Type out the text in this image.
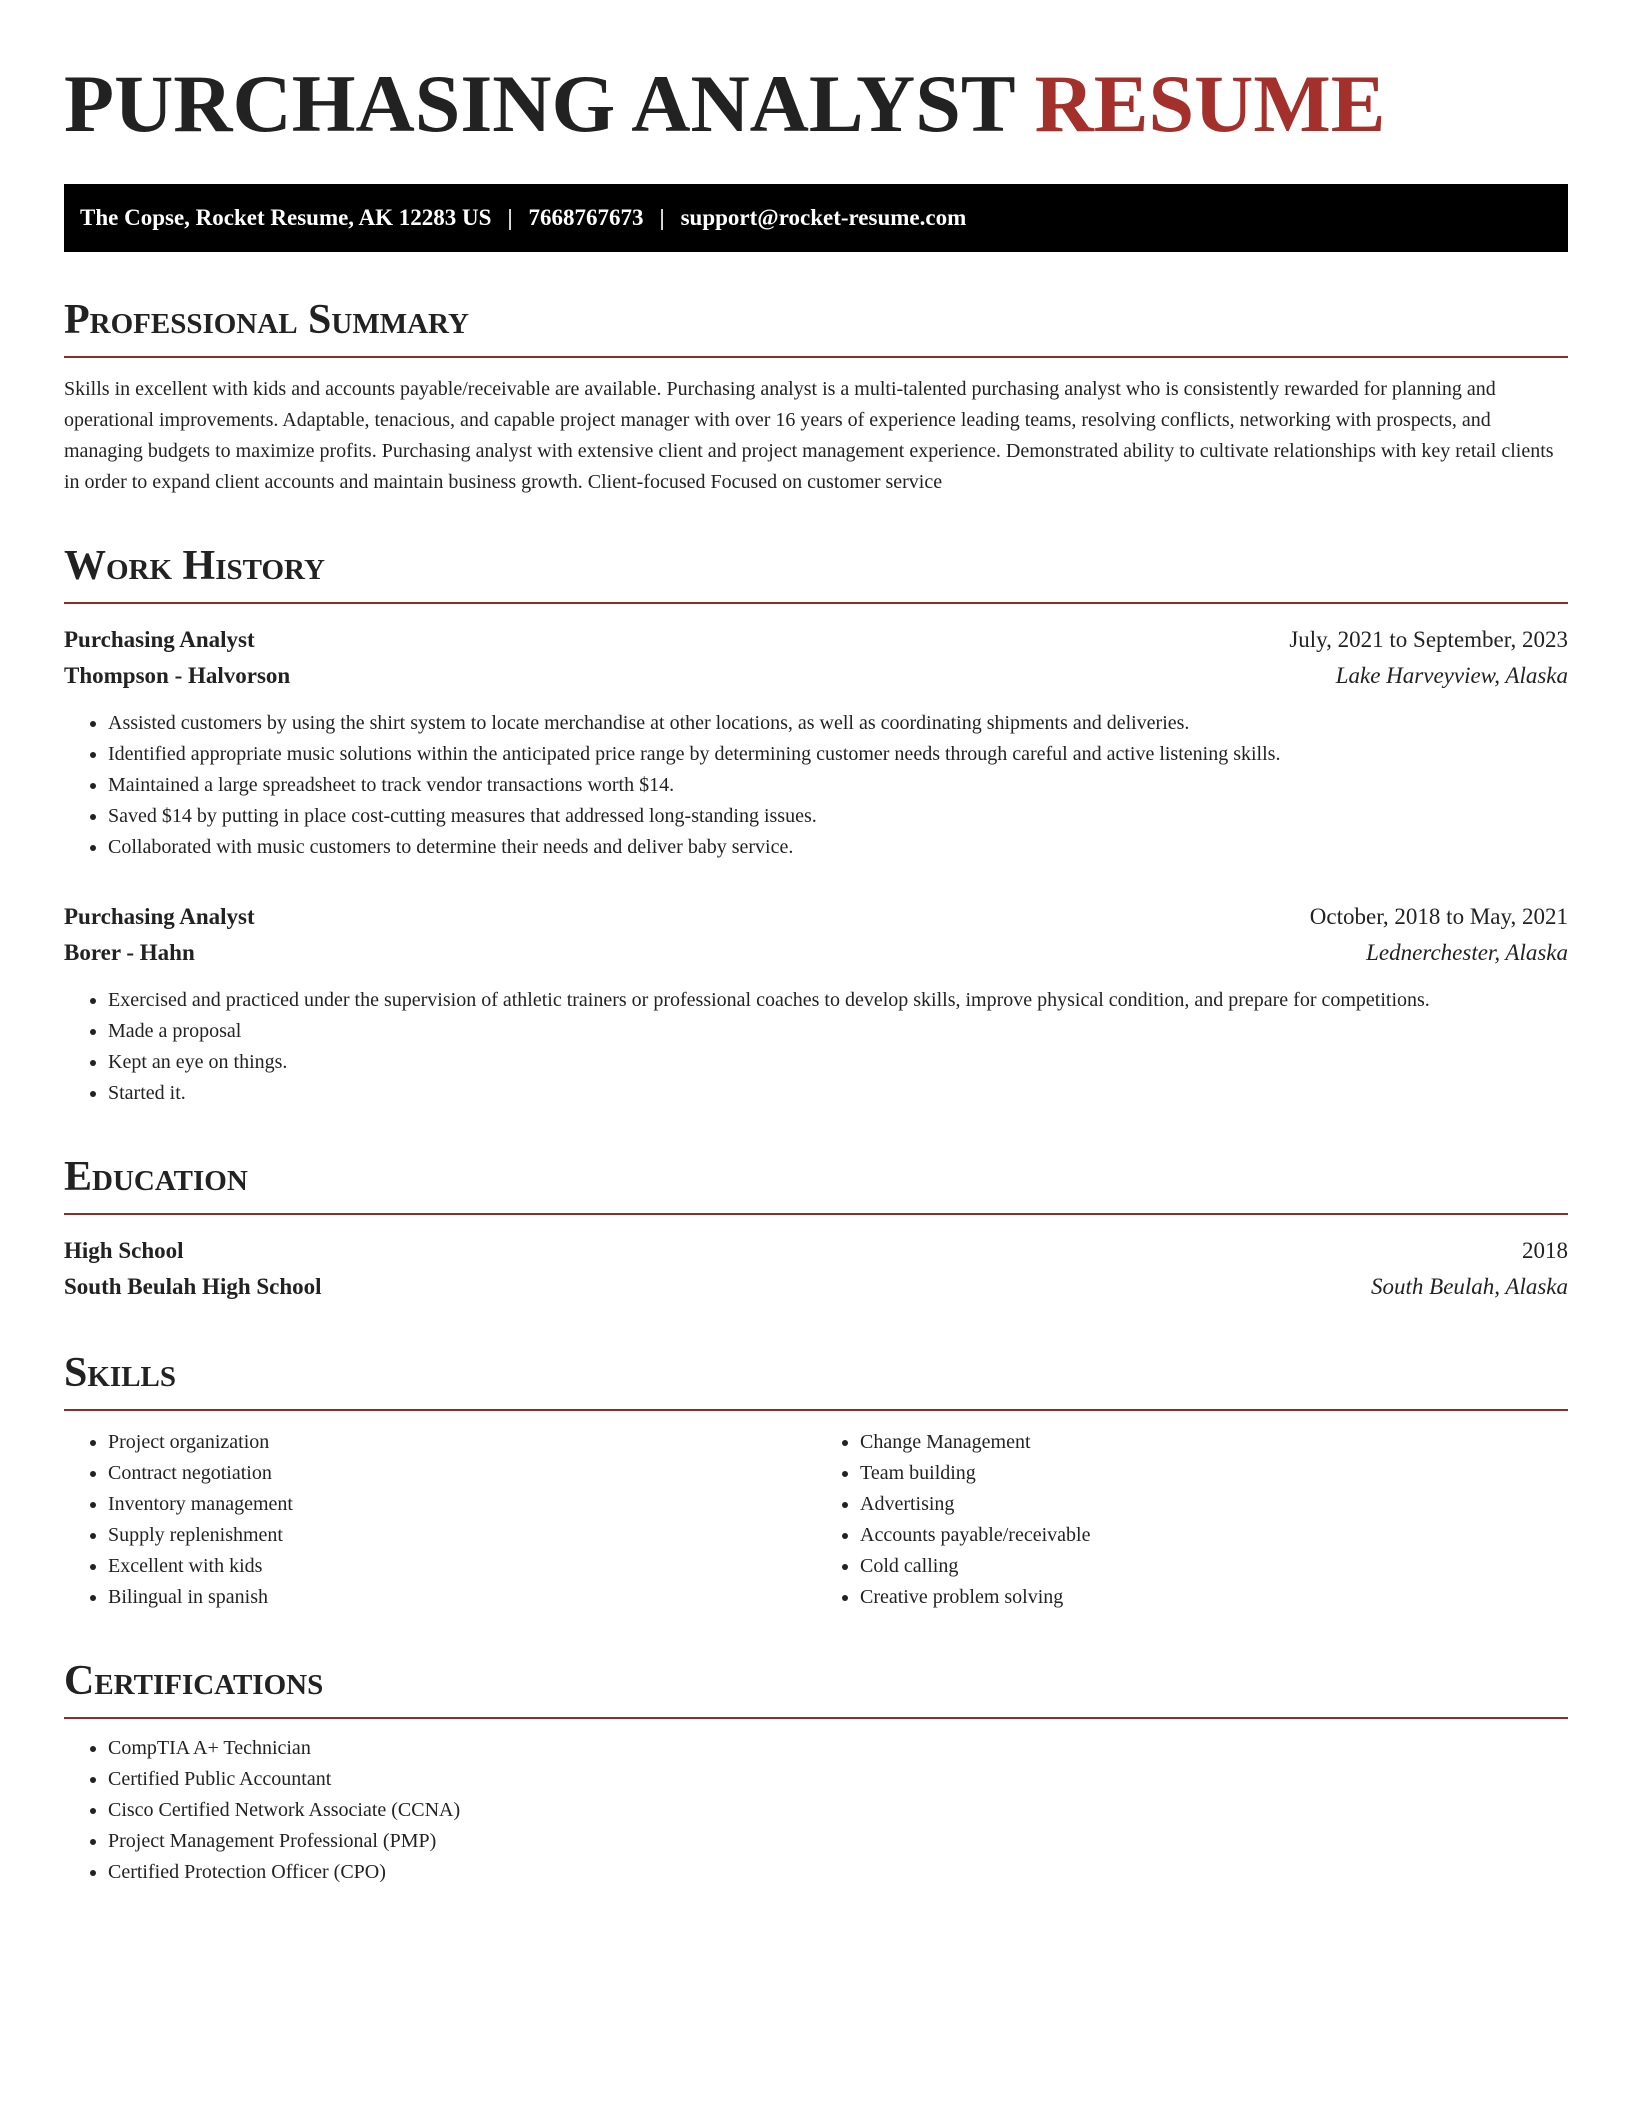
PURCHASING ANALYST RESUME
The Copse, Rocket Resume, AK 12283 US | 7668767673 | support@rocket-resume.com
Professional Summary

Skills in excellent with kids and accounts payable/receivable are available. Purchasing analyst is a multi-talented purchasing analyst who is consistently rewarded for planning and operational improvements. Adaptable, tenacious, and capable project manager with over 16 years of experience leading teams, resolving conflicts, networking with prospects, and managing budgets to maximize profits. Purchasing analyst with extensive client and project management experience. Demonstrated ability to cultivate relationships with key retail clients in order to expand client accounts and maintain business growth. Client-focused Focused on customer service

Work History
Purchasing Analyst	July, 2021 to September, 2023
Thompson - Halvorson	Lake Harveyview, Alaska
• Assisted customers by using the shirt system to locate merchandise at other locations, as well as coordinating shipments and deliveries.
• Identified appropriate music solutions within the anticipated price range by determining customer needs through careful and active listening skills.
• Maintained a large spreadsheet to track vendor transactions worth $14.
• Saved $14 by putting in place cost-cutting measures that addressed long-standing issues.
• Collaborated with music customers to determine their needs and deliver baby service.
Purchasing Analyst	October, 2018 to May, 2021
Borer - Hahn	Lednerchester, Alaska
• Exercised and practiced under the supervision of athletic trainers or professional coaches to develop skills, improve physical condition, and prepare for competitions.
• Made a proposal
• Kept an eye on things.
• Started it.
Education
High School	2018
South Beulah High School	South Beulah, Alaska
Skills
• Project organization
• Contract negotiation
• Inventory management
• Supply replenishment
• Excellent with kids
• Bilingual in spanish
• Change Management
• Team building
• Advertising
• Accounts payable/receivable
• Cold calling
• Creative problem solving
Certifications
• CompTIA A+ Technician
• Certified Public Accountant
• Cisco Certified Network Associate (CCNA)
• Project Management Professional (PMP)
• Certified Protection Officer (CPO)
